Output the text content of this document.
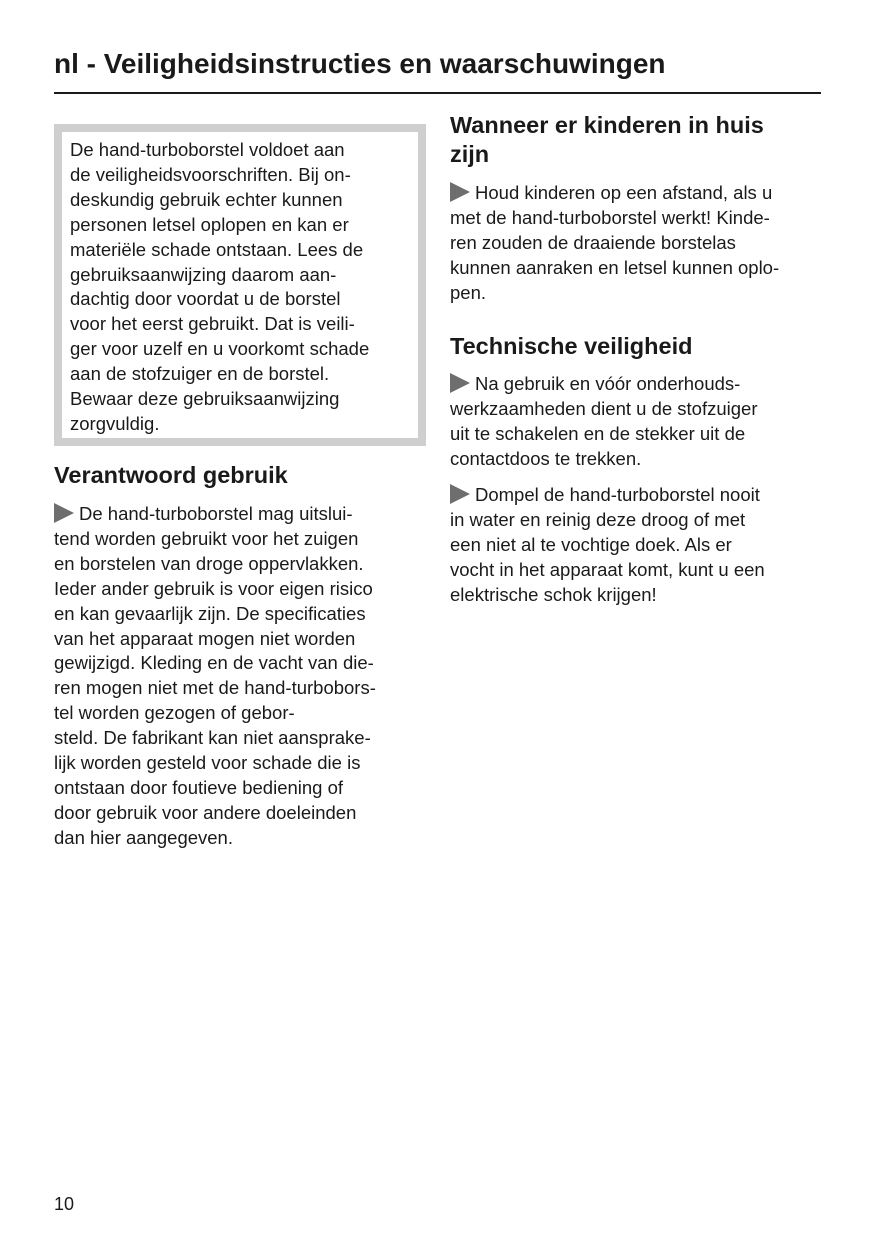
nl - Veiligheidsinstructies en waarschuwingen

De hand-turboborstel voldoet aan
de veiligheidsvoorschriften. Bij on-
deskundig gebruik echter kunnen
personen letsel oplopen en kan er
materiële schade ontstaan. Lees de
gebruiksaanwijzing daarom aan-
dachtig door voordat u de borstel
voor het eerst gebruikt. Dat is veili-
ger voor uzelf en u voorkomt schade
aan de stofzuiger en de borstel.
Bewaar deze gebruiksaanwijzing
zorgvuldig.

Verantwoord gebruik

De hand-turboborstel mag uitslui-
tend worden gebruikt voor het zuigen
en borstelen van droge oppervlakken.
Ieder ander gebruik is voor eigen risico
en kan gevaarlijk zijn. De specificaties
van het apparaat mogen niet worden
gewijzigd. Kleding en de vacht van die-
ren mogen niet met de hand-turbobors-
tel worden gezogen of gebor-
steld. De fabrikant kan niet aansprake-
lijk worden gesteld voor schade die is
ontstaan door foutieve bediening of
door gebruik voor andere doeleinden
dan hier aangegeven.

Wanneer er kinderen in huis
zijn

Houd kinderen op een afstand, als u
met de hand-turboborstel werkt! Kinde-
ren zouden de draaiende borstelas
kunnen aanraken en letsel kunnen oplo-
pen.

Technische veiligheid

Na gebruik en vóór onderhouds-
werkzaamheden dient u de stofzuiger
uit te schakelen en de stekker uit de
contactdoos te trekken.

Dompel de hand-turboborstel nooit
in water en reinig deze droog of met
een niet al te vochtige doek. Als er
vocht in het apparaat komt, kunt u een
elektrische schok krijgen!

10
